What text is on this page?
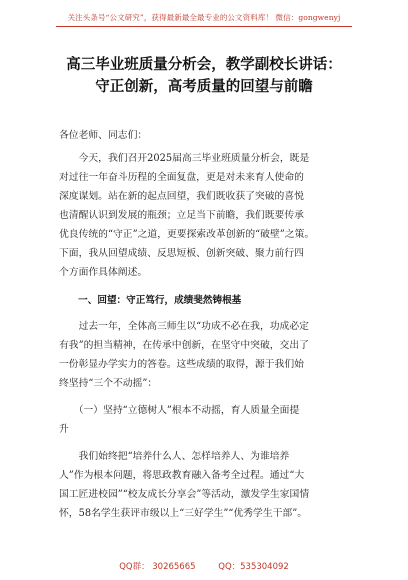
关注头条号“公文研究”，获得最新最全最专业的公文资料库！ 微信：gongwenyj
高三毕业班质量分析会，教学副校长讲话：
守正创新，高考质量的回望与前瞻
各位老师、同志们：
　　今天，我们召开2025届高三毕业班质量分析会，既是
对过往一年奋斗历程的全面复盘，更是对未来育人使命的
深度谋划。站在新的起点回望，我们既收获了突破的喜悦
也清醒认识到发展的瓶颈；立足当下前瞻，我们既要传承
优良传统的“守正”之道，更要探索改革创新的“破壁”之策。
下面，我从回望成绩、反思短板、创新突破、聚力前行四
个方面作具体阐述。
　　一、回望：守正笃行，成绩斐然铸根基
　　过去一年，全体高三师生以“功成不必在我，功成必定
有我”的担当精神，在传承中创新，在坚守中突破，交出了
一份彰显办学实力的答卷。这些成绩的取得，源于我们始
终坚持“三个不动摇”：
　　（一）坚持“立德树人”根本不动摇，育人质量全面提
升
　　我们始终把“培养什么人、怎样培养人、为谁培养
人”作为根本问题，将思政教育融入备考全过程。通过“大
国工匠进校园”“校友成长分享会”等活动，激发学生家国情
怀，58名学生获评市级以上“三好学生”“优秀学生干部”。
QQ群： 30265665	QQ：535304092
